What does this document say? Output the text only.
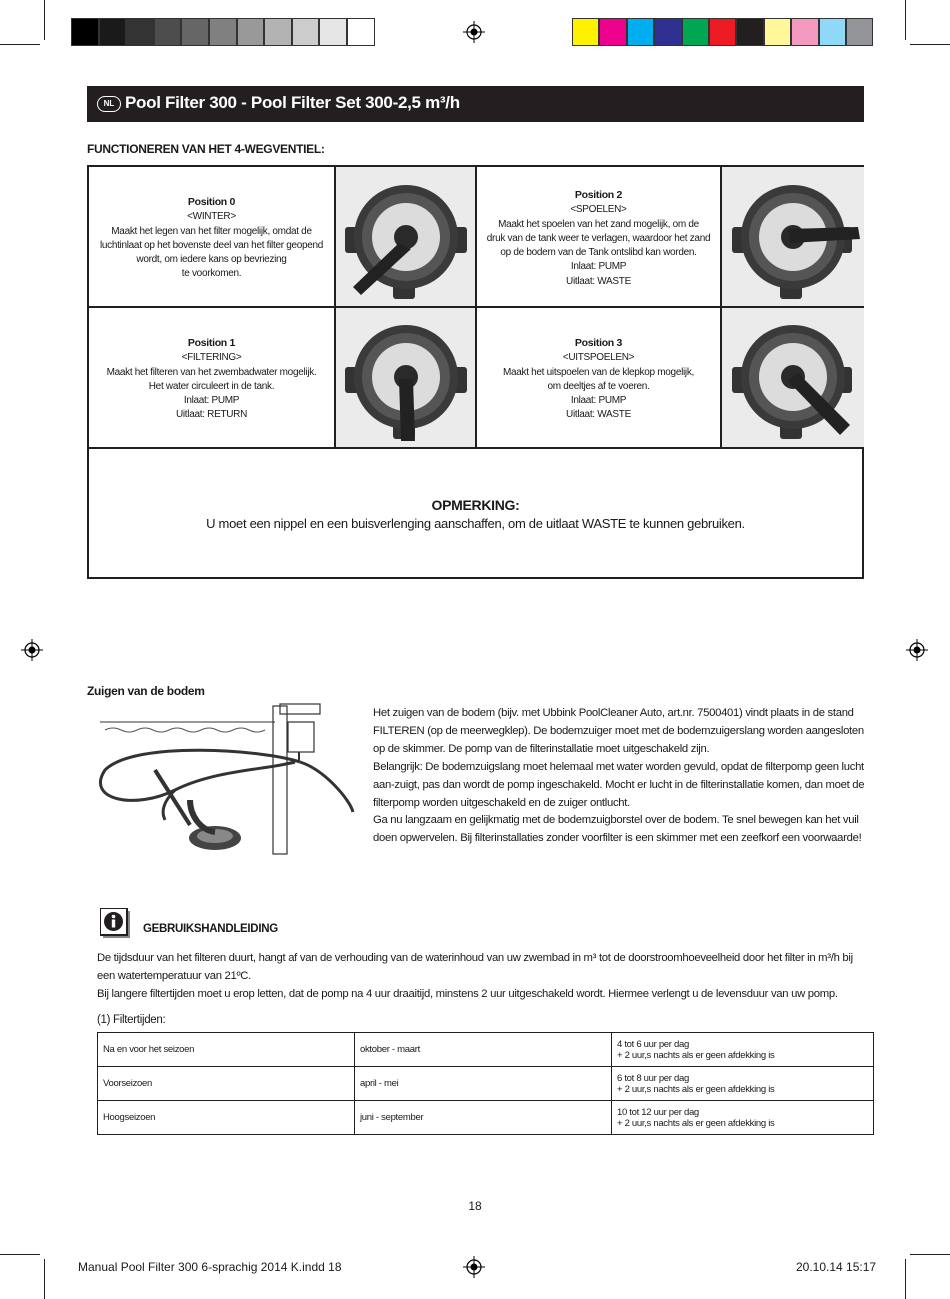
NL Pool Filter 300 - Pool Filter Set 300-2,5 m³/h
FUNCTIONEREN VAN HET 4-WEGVENTIEL:
Position 0
<WINTER>
Maakt het legen van het filter mogelijk, omdat de
luchtinlaat op het bovenste deel van het filter geopend
wordt, om iedere kans op bevriezing
te voorkomen.
Position 2
<SPOELEN>
Maakt het spoelen van het zand mogelijk, om de
druk van de tank weer te verlagen, waardoor het zand
op de bodem van de Tank ontslibd kan worden.
Inlaat: PUMP
Uitlaat: WASTE
Position 1
<FILTERING>
Maakt het filteren van het zwembadwater mogelijk.
Het water circuleert in de tank.
Inlaat: PUMP
Uitlaat: RETURN
Position 3
<UITSPOELEN>
Maakt het uitspoelen van de klepkop mogelijk,
om deeltjes af te voeren.
Inlaat: PUMP
Uitlaat: WASTE
OPMERKING:
U moet een nippel en een buisverlenging aanschaffen, om de uitlaat WASTE te kunnen gebruiken.
Zuigen van de bodem

Het zuigen van de bodem (bijv. met Ubbink PoolCleaner Auto, art.nr. 7500401) vindt plaats in de stand FILTEREN (op de meerwegklep). De bodemzuiger moet met de bodemzuigerslang worden aangesloten op de skimmer. De pomp van de filterinstallatie moet uitgeschakeld zijn.

Belangrijk: De bodemzuigslang moet helemaal met water worden gevuld, opdat de filterpomp geen lucht aan-zuigt, pas dan wordt de pomp ingeschakeld. Mocht er lucht in de filterinstallatie komen, dan moet de filterpomp worden uitgeschakeld en de zuiger ontlucht.

Ga nu langzaam en gelijkmatig met de bodemzuigborstel over de bodem. Te snel bewegen kan het vuil doen opwervelen. Bij filterinstallaties zonder voorfilter is een skimmer met een zeefkorf een voorwaarde!

GEBRUIKSHANDLEIDING

De tijdsduur van het filteren duurt, hangt af van de verhouding van de waterinhoud van uw zwembad in m³ tot de doorstroomhoeveelheid door het filter in m³/h bij een watertemperatuur van 21ºC.

Bij langere filtertijden moet u erop letten, dat de pomp na 4 uur draaitijd, minstens 2 uur uitgeschakeld wordt. Hiermee verlengt u de levensduur van uw pomp.

(1) Filtertijden:
Na en voor het seizoen	oktober - maart	4 tot 6 uur per dag
+ 2 uur,s nachts als er geen afdekking is
Voorseizoen	april - mei	6 tot 8 uur per dag
+ 2 uur,s nachts als er geen afdekking is
Hoogseizoen	juni - september	10 tot 12 uur per dag
+ 2 uur,s nachts als er geen afdekking is
18
Manual Pool Filter 300 6-sprachig 2014 K.indd 18	20.10.14 15:17
